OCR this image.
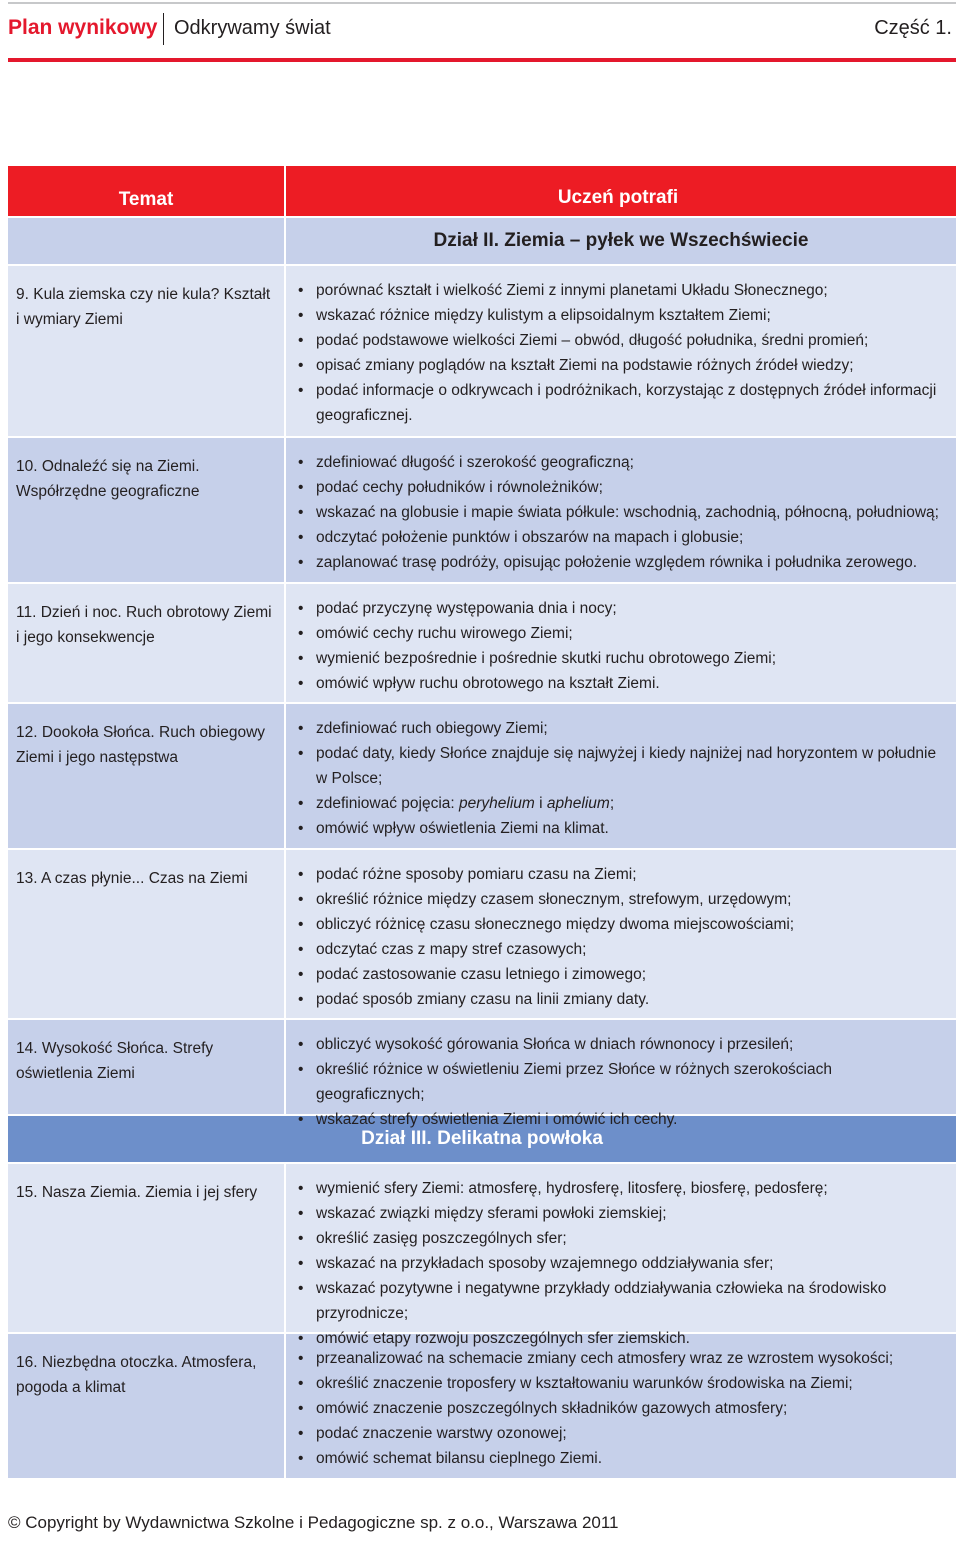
Plan wynikowy Odkrywamy świat	Część 1.
Temat	Uczeń potrafi
Dział II. Ziemia – pyłek we Wszechświecie
9. Kula ziemska czy nie kula? Kształt i wymiary Ziemi
• porównać kształt i wielkość Ziemi z innymi planetami Układu Słonecznego;
• wskazać różnice między kulistym a elipsoidalnym kształtem Ziemi;
• podać podstawowe wielkości Ziemi – obwód, długość południka, średni promień;
• opisać zmiany poglądów na kształt Ziemi na podstawie różnych źródeł wiedzy;
• podać informacje o odkrywcach i podróżnikach, korzystając z dostępnych źródeł informacji geograficznej.
10. Odnaleźć się na Ziemi. Współrzędne geograficzne
• zdefiniować długość i szerokość geograficzną;
• podać cechy południków i równoleżników;
• wskazać na globusie i mapie świata półkule: wschodnią, zachodnią, północną, południową;
• odczytać położenie punktów i obszarów na mapach i globusie;
• zaplanować trasę podróży, opisując położenie względem równika i południka zerowego.
11. Dzień i noc. Ruch obrotowy Ziemi i jego konsekwencje
• podać przyczynę występowania dnia i nocy;
• omówić cechy ruchu wirowego Ziemi;
• wymienić bezpośrednie i pośrednie skutki ruchu obrotowego Ziemi;
• omówić wpływ ruchu obrotowego na kształt Ziemi.
12. Dookoła Słońca. Ruch obiegowy Ziemi i jego następstwa
• zdefiniować ruch obiegowy Ziemi;
• podać daty, kiedy Słońce znajduje się najwyżej i kiedy najniżej nad horyzontem w południe w Polsce;
• zdefiniować pojęcia: peryhelium i aphelium;
• omówić wpływ oświetlenia Ziemi na klimat.
13. A czas płynie... Czas na Ziemi	• podać różne sposoby pomiaru czasu na Ziemi;
• określić różnice między czasem słonecznym, strefowym, urzędowym;
• obliczyć różnicę czasu słonecznego między dwoma miejscowościami;
• odczytać czas z mapy stref czasowych;
• podać zastosowanie czasu letniego i zimowego;
• podać sposób zmiany czasu na linii zmiany daty.
14. Wysokość Słońca. Strefy oświetlenia Ziemi
• obliczyć wysokość górowania Słońca w dniach równonocy i przesileń;
• określić różnice w oświetleniu Ziemi przez Słońce w różnych szerokościach geograficznych;
• wskazać strefy oświetlenia Ziemi i omówić ich cechy.
Dział III. Delikatna powłoka
15. Nasza Ziemia. Ziemia i jej sfery	• wymienić sfery Ziemi: atmosferę, hydrosferę, litosferę, biosferę, pedosferę;
• wskazać związki między sferami powłoki ziemskiej;
• określić zasięg poszczególnych sfer;
• wskazać na przykładach sposoby wzajemnego oddziaływania sfer;
• wskazać pozytywne i negatywne przykłady oddziaływania człowieka na środowisko przyrodnicze;
• omówić etapy rozwoju poszczególnych sfer ziemskich.
16. Niezbędna otoczka. Atmosfera, pogoda a klimat
• przeanalizować na schemacie zmiany cech atmosfery wraz ze wzrostem wysokości;
• określić znaczenie troposfery w kształtowaniu warunków środowiska na Ziemi;
• omówić znaczenie poszczególnych składników gazowych atmosfery;
• podać znaczenie warstwy ozonowej;
• omówić schemat bilansu cieplnego Ziemi.
© Copyright by Wydawnictwa Szkolne i Pedagogiczne sp. z o.o., Warszawa 2011
